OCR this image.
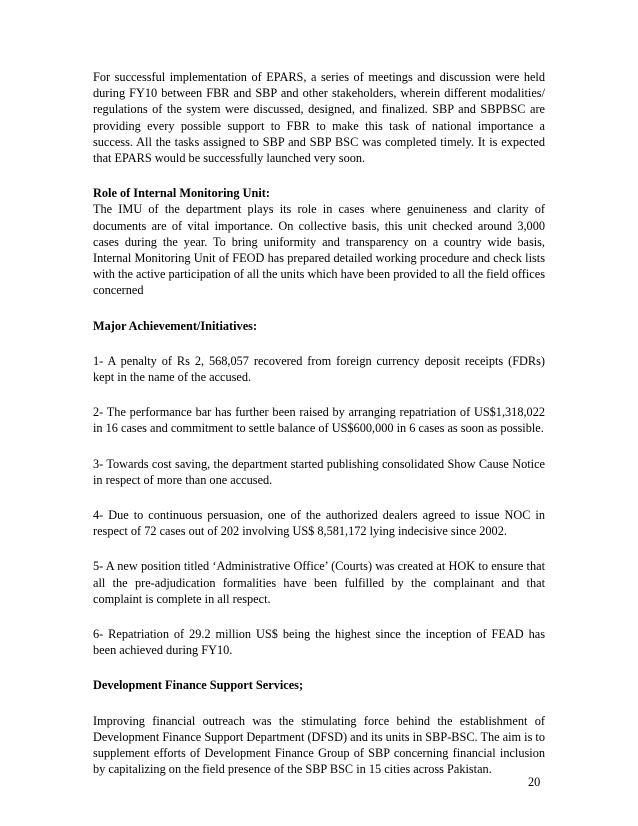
For successful implementation of EPARS, a series of meetings and discussion were held during FY10 between FBR and SBP and other stakeholders, wherein different modalities/ regulations of the system were discussed, designed, and finalized. SBP and SBPBSC are providing every possible support to FBR to make this task of national importance a success. All the tasks assigned to SBP and SBP BSC was completed timely. It is expected that EPARS would be successfully launched very soon.

Role of Internal Monitoring Unit:

The IMU of the department plays its role in cases where genuineness and clarity of documents are of vital importance. On collective basis, this unit checked around 3,000 cases during the year. To bring uniformity and transparency on a country wide basis, Internal Monitoring Unit of FEOD has prepared detailed working procedure and check lists with the active participation of all the units which have been provided to all the field offices concerned

Major Achievement/Initiatives:

1- A penalty of Rs 2, 568,057 recovered from foreign currency deposit receipts (FDRs) kept in the name of the accused.

2- The performance bar has further been raised by arranging repatriation of US$1,318,022 in 16 cases and commitment to settle balance of US$600,000 in 6 cases as soon as possible.

3- Towards cost saving, the department started publishing consolidated Show Cause Notice in respect of more than one accused.

4- Due to continuous persuasion, one of the authorized dealers agreed to issue NOC in respect of 72 cases out of 202 involving US$ 8,581,172 lying indecisive since 2002.

5- A new position titled ‘Administrative Office’ (Courts) was created at HOK to ensure that all the pre-adjudication formalities have been fulfilled by the complainant and that complaint is complete in all respect.

6- Repatriation of 29.2 million US$ being the highest since the inception of FEAD has been achieved during FY10.

Development Finance Support Services;

Improving financial outreach was the stimulating force behind the establishment of Development Finance Support Department (DFSD) and its units in SBP-BSC. The aim is to supplement efforts of Development Finance Group of SBP concerning financial inclusion by capitalizing on the field presence of the SBP BSC in 15 cities across Pakistan.

20
